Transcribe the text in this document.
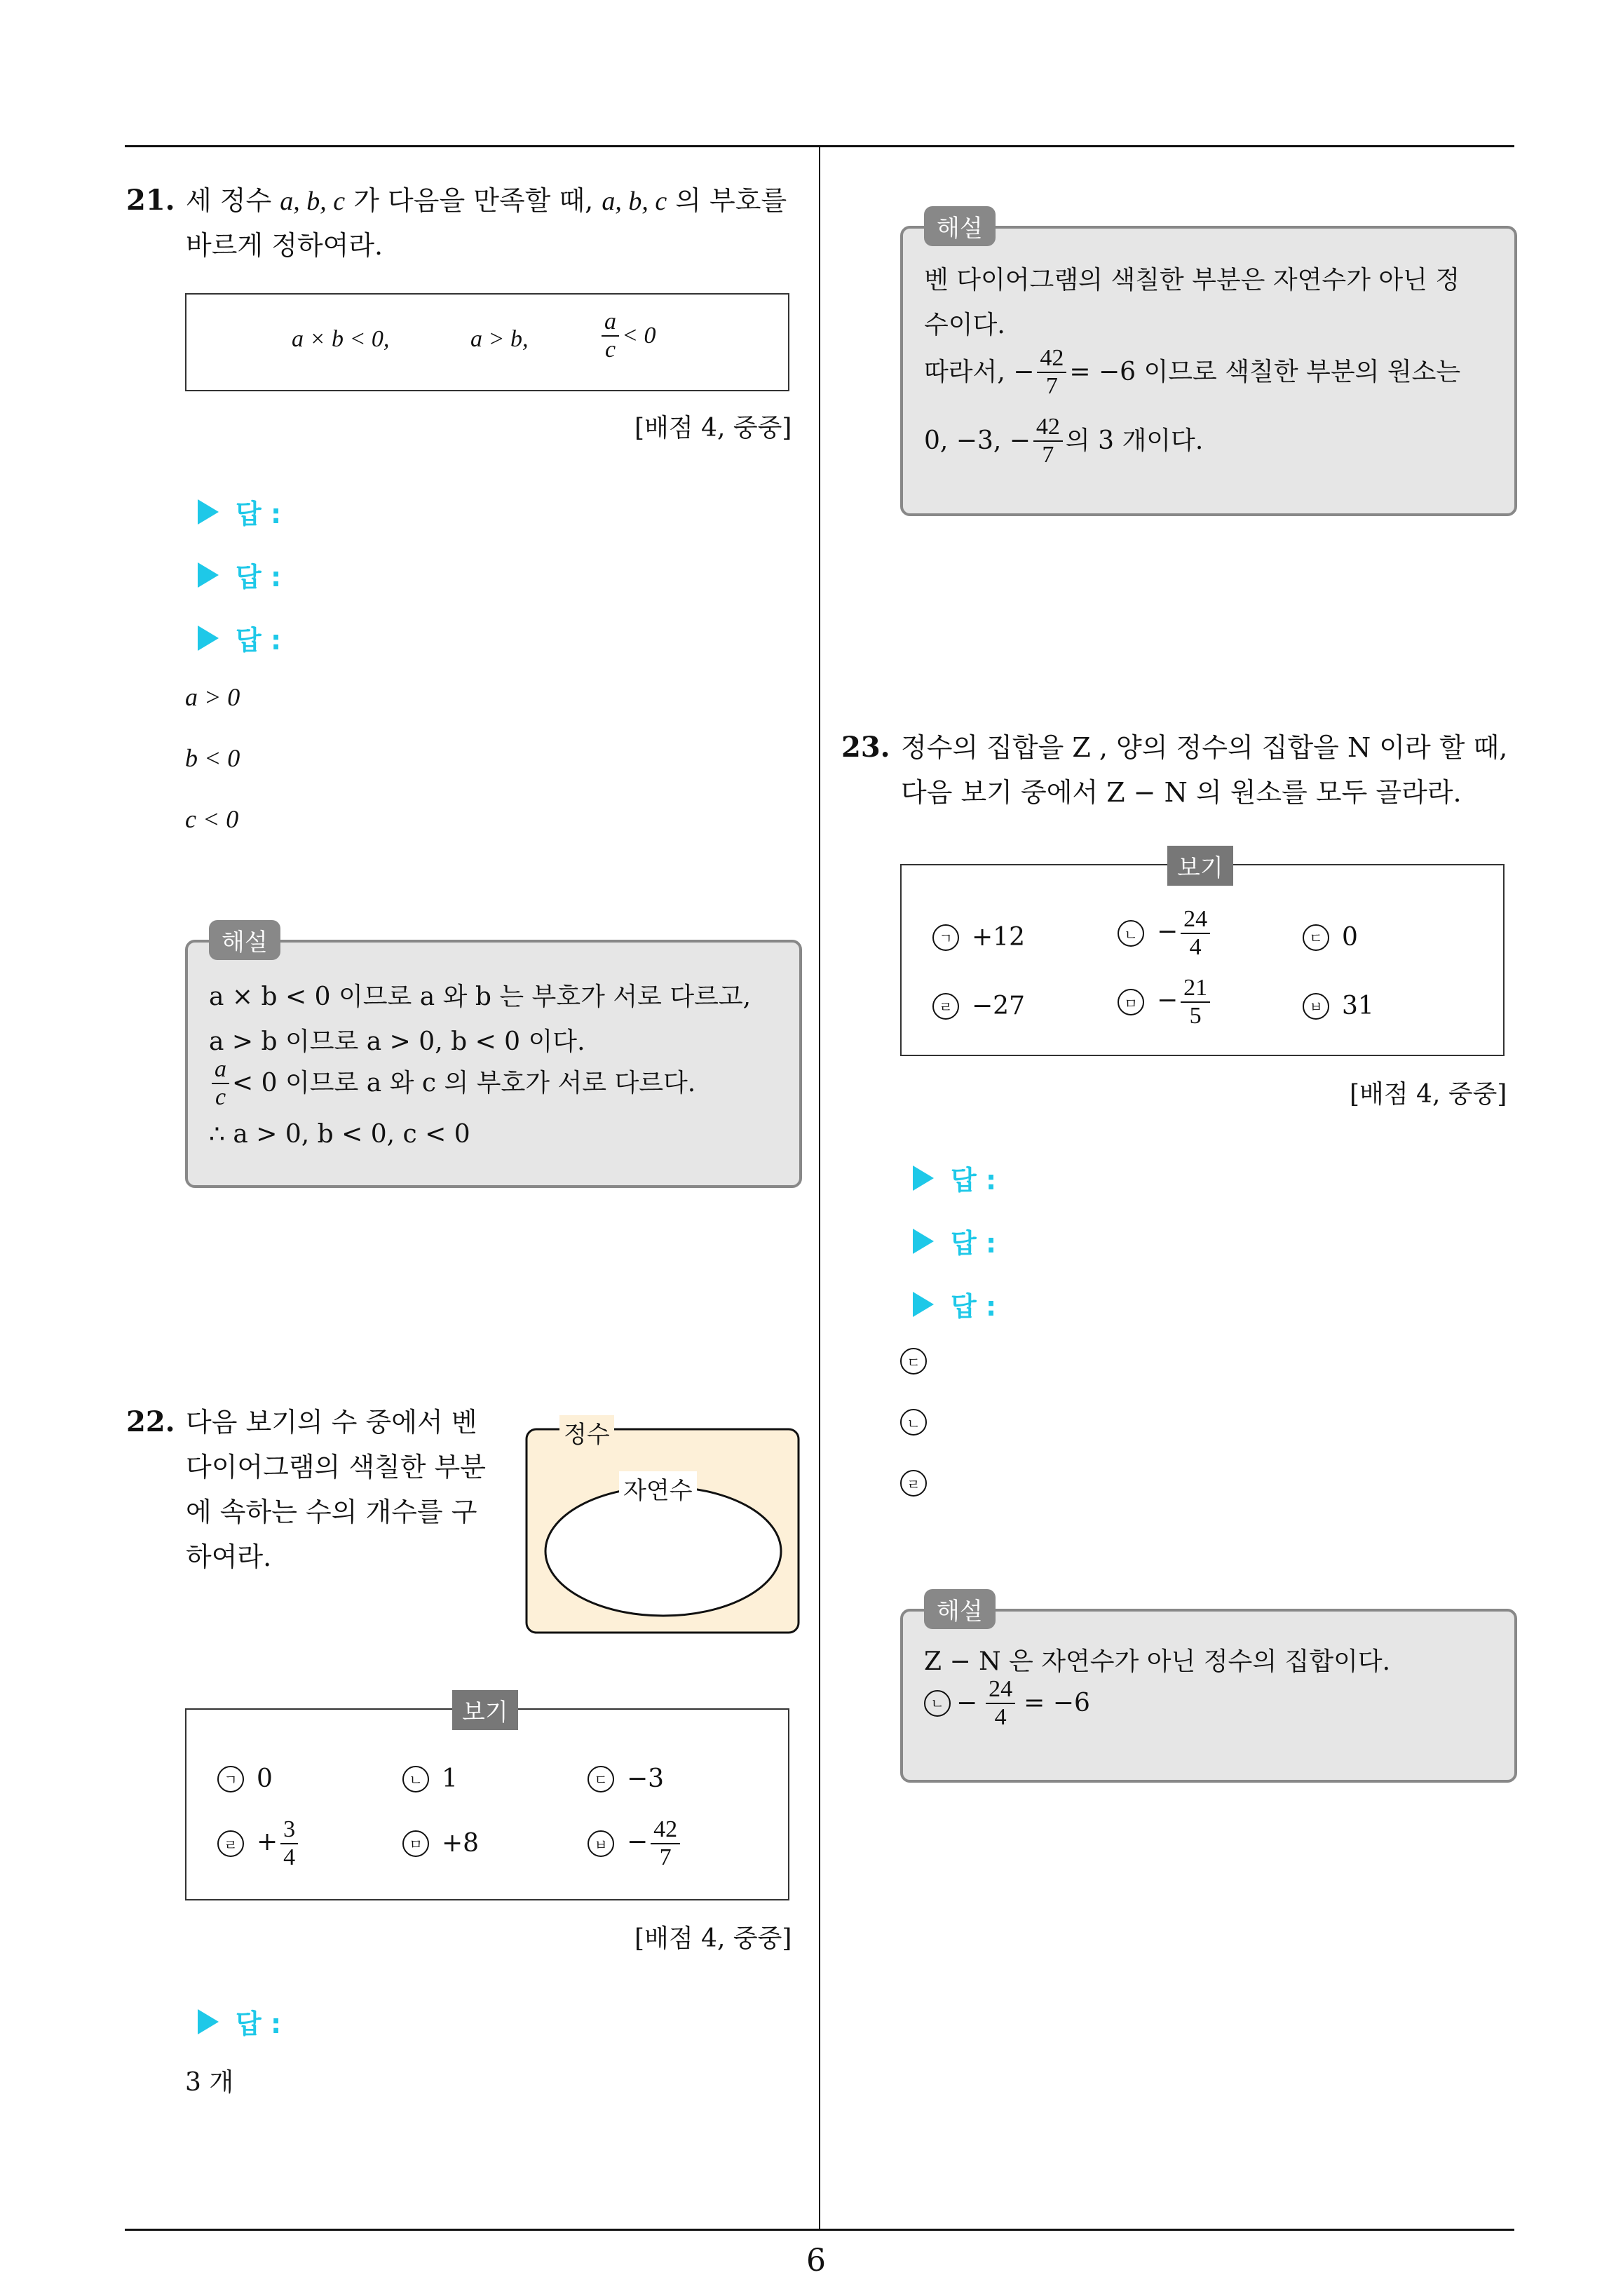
6
21. 세 정수 a, b, c 가 다음을 만족할 때, a, b, c 의 부호를
바르게 정하여라.
a × b < 0,	a > b,	$\frac{a}{c} < 0$
[배점 4, 중중]
답 :
답 :
답 :
a > 0
b < 0
c < 0
a × b < 0 이므로 a 와 b 는 부호가 서로 다르고,
a > b 이므로 a > 0, b < 0 이다.
$\frac{a}{c} < 0$ 이므로 a 와 c 의 부호가 서로 다르다.
∴ a > 0, b < 0, c < 0
해설
22. 다음 보기의 수 중에서 벤
다이어그램의 색칠한 부분
에 속하는 수의 개수를 구
하여라.
정수
자연수
ㄱ 0	ㄴ 1	ㄷ −3
ㄹ + $\frac{3}{4}$	ㅁ +8	ㅂ − $\frac{42}{7}$
보기
[배점 4, 중중]
답 :
3 개
벤 다이어그램의 색칠한 부분은 자연수가 아닌 정
수이다.
따라서, − $\frac{42}{7} = -6$ 이므로 색칠한 부분의 원소는
0, −3, − $\frac{42}{7}$ 의 3 개이다.
해설
23. 정수의 집합을 Z , 양의 정수의 집합을 N 이라 할 때,
다음 보기 중에서 Z − N 의 원소를 모두 골라라.
ㄱ +12	ㄴ − $\frac{24}{4}$	ㄷ 0
ㄹ −27	ㅁ − $\frac{21}{5}$	ㅂ 31
보기
[배점 4, 중중]
답 :
답 :
답 :
ㄷ
ㄴ
ㄹ
Z − N 은 자연수가 아닌 정수의 집합이다.
ㄴ − $\frac{24}{4} = -6$
해설
